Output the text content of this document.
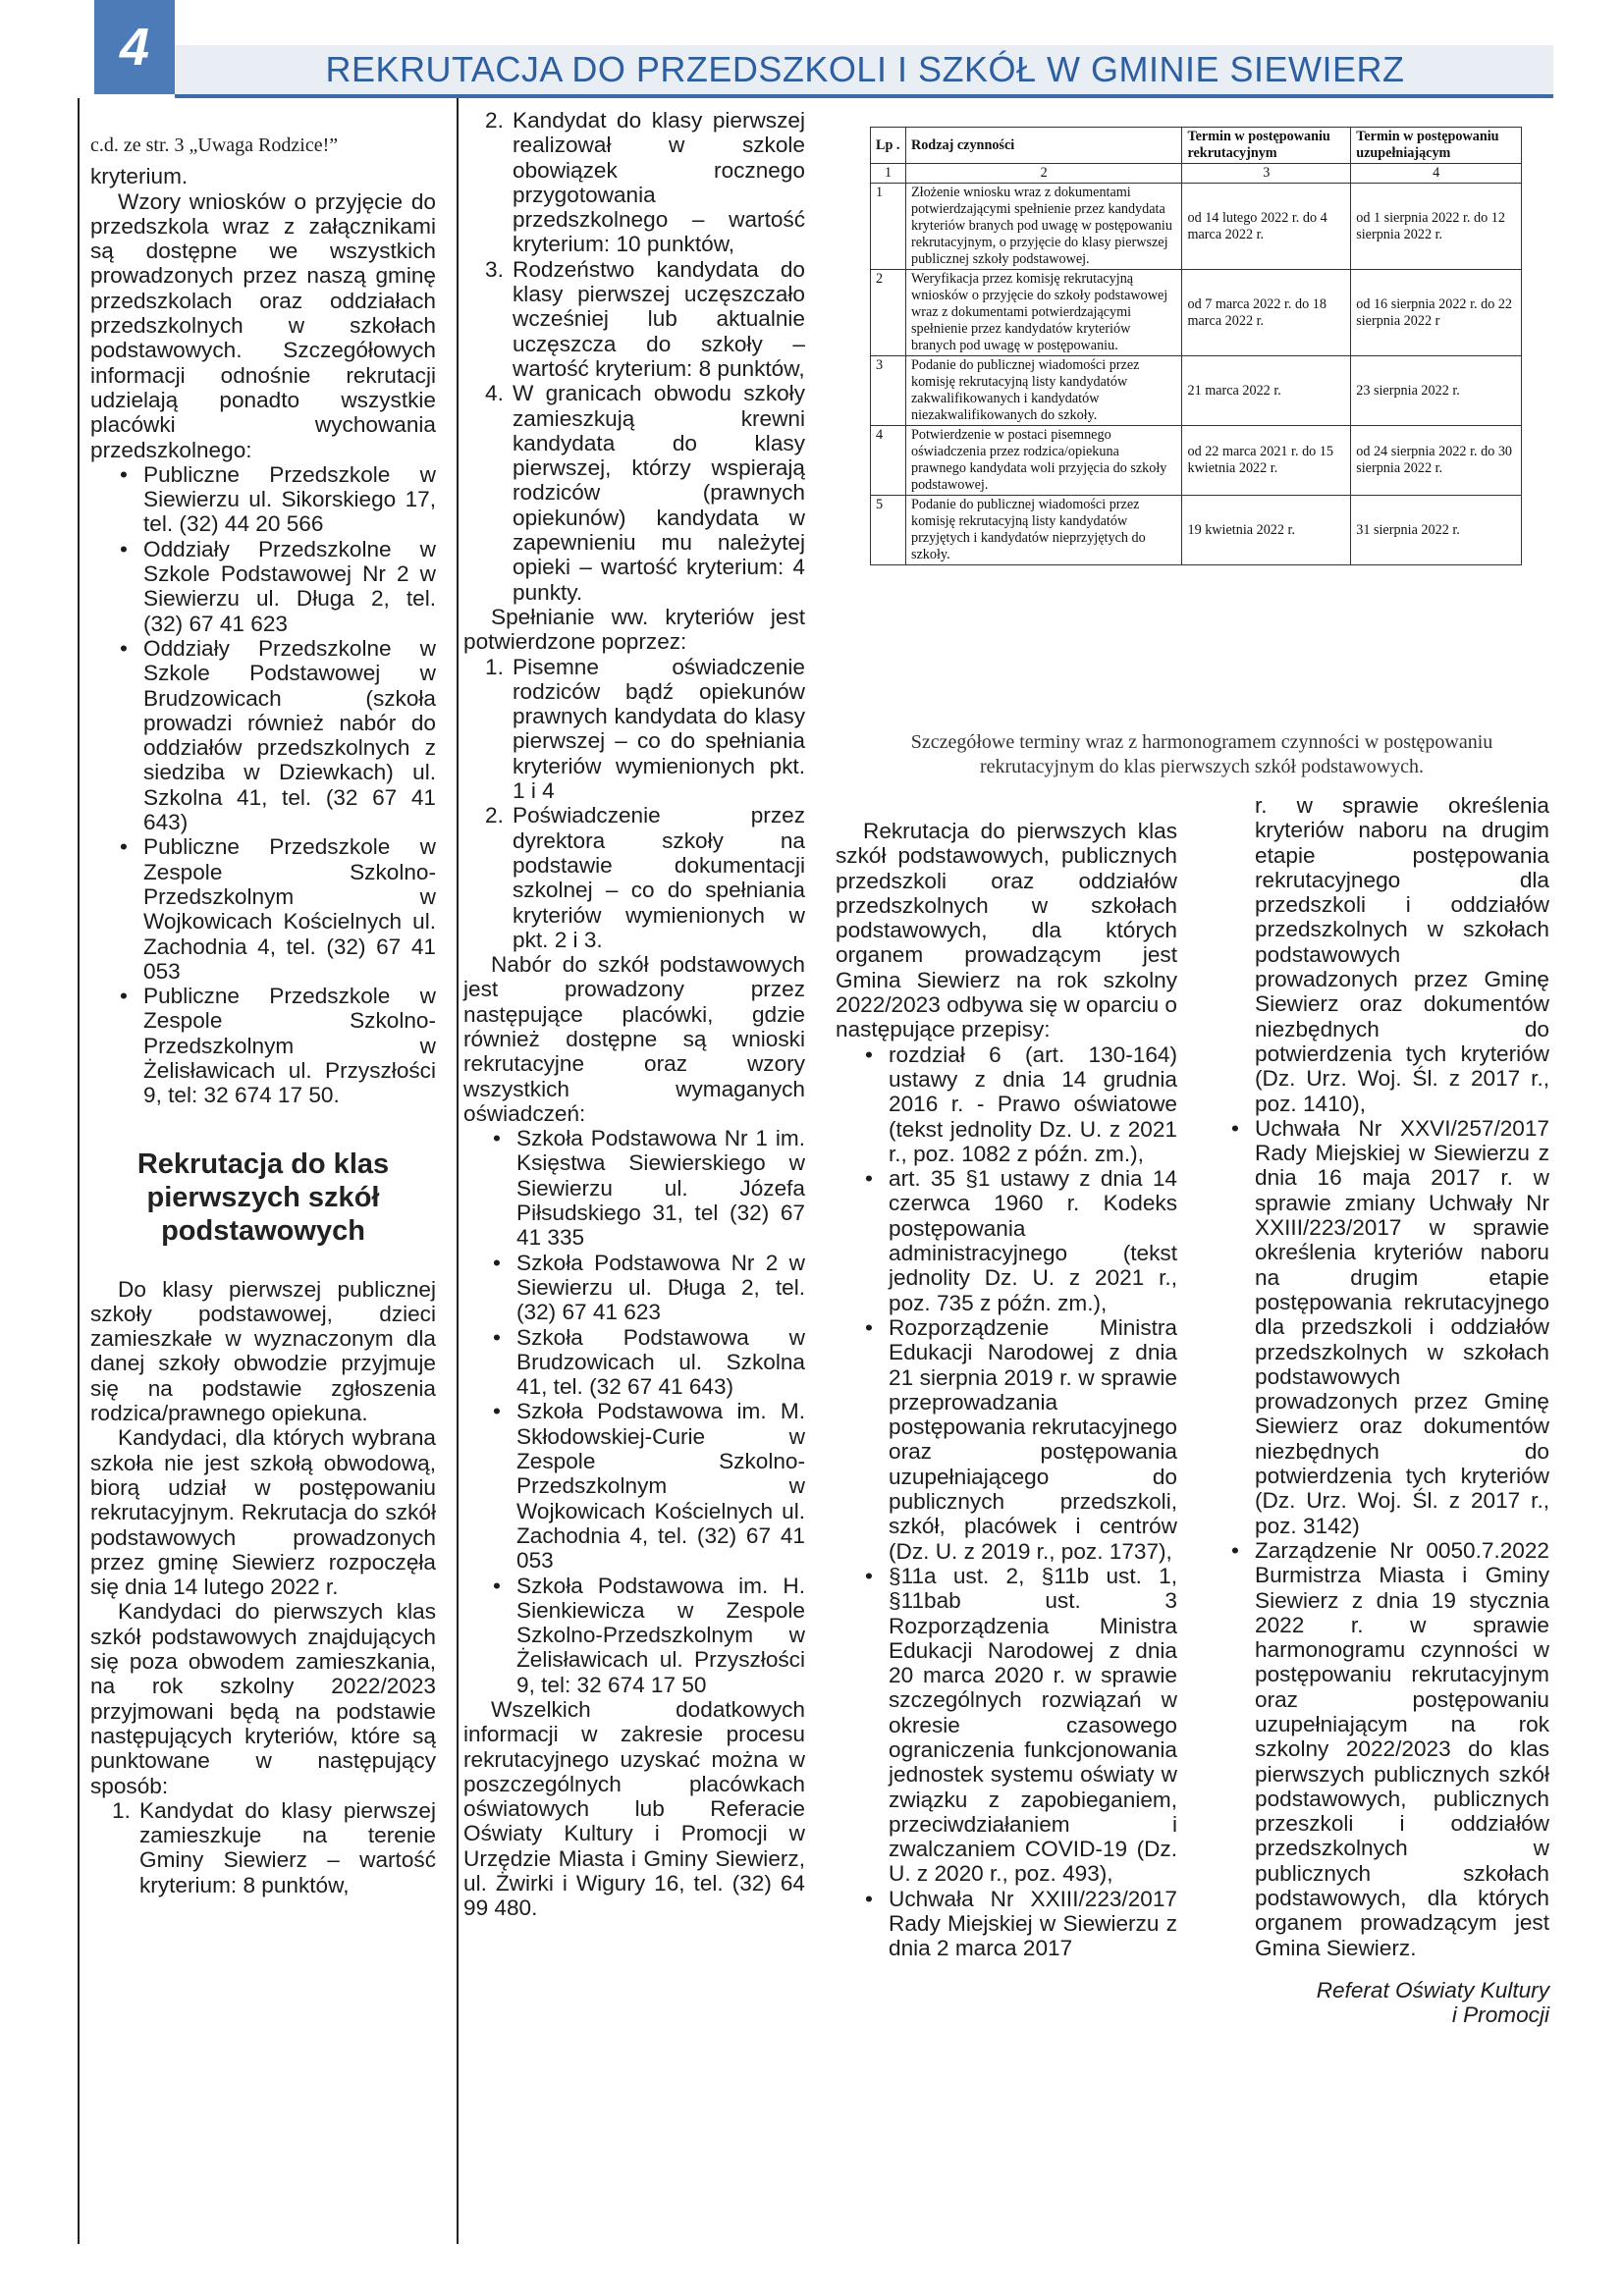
4	REKRUTACJA DO PRZEDSZKOLI I SZKÓŁ W GMINIE SIEWIERZ
c.d. ze str. 3 „Uwaga Rodzice!”

kryterium.

Wzory wniosków o przyjęcie do przedszkola wraz z załącznikami są dostępne we wszystkich prowadzonych przez naszą gminę przedszkolach oraz oddziałach przedszkolnych w szkołach podstawowych. Szczegółowych informacji odnośnie rekrutacji udzielają ponadto wszystkie placówki wychowania przedszkolnego:

• Publiczne Przedszkole w Siewierzu ul. Sikorskiego 17, tel. (32) 44 20 566
• Oddziały Przedszkolne w Szkole Podstawowej Nr 2 w Siewierzu ul. Długa 2, tel. (32) 67 41 623
• Oddziały Przedszkolne w Szkole Podstawowej w Brudzowicach (szkoła prowadzi również nabór do oddziałów przedszkolnych z siedziba w Dziewkach) ul. Szkolna 41, tel. (32 67 41 643)
• Publiczne Przedszkole w Zespole Szkolno-Przedszkolnym w Wojkowicach Kościelnych ul. Zachodnia 4, tel. (32) 67 41 053
• Publiczne Przedszkole w Zespole Szkolno-Przedszkolnym w Żelisławicach ul. Przyszłości 9, tel: 32 674 17 50.
Rekrutacja do klas pierwszych szkół podstawowych

Do klasy pierwszej publicznej szkoły podstawowej, dzieci zamieszkałe w wyznaczonym dla danej szkoły obwodzie przyjmuje się na podstawie zgłoszenia rodzica/prawnego opiekuna.

Kandydaci, dla których wybrana szkoła nie jest szkołą obwodową, biorą udział w postępowaniu rekrutacyjnym. Rekrutacja do szkół podstawowych prowadzonych przez gminę Siewierz rozpoczęła się dnia 14 lutego 2022 r.

Kandydaci do pierwszych klas szkół podstawowych znajdujących się poza obwodem zamieszkania, na rok szkolny 2022/2023 przyjmowani będą na podstawie następujących kryteriów, które są punktowane w następujący sposób:

1. Kandydat do klasy pierwszej zamieszkuje na terenie Gminy Siewierz – wartość kryterium: 8 punktów,
2. Kandydat do klasy pierwszej realizował w szkole obowiązek rocznego przygotowania przedszkolnego – wartość kryterium: 10 punktów,
3. Rodzeństwo kandydata do klasy pierwszej uczęszczało wcześniej lub aktualnie uczęszcza do szkoły – wartość kryterium: 8 punktów,
4. W granicach obwodu szkoły zamieszkują krewni kandydata do klasy pierwszej, którzy wspierają rodziców (prawnych opiekunów) kandydata w zapewnieniu mu należytej opieki – wartość kryterium: 4 punkty.

Spełnianie ww. kryteriów jest potwierdzone poprzez:

1. Pisemne oświadczenie rodziców bądź opiekunów prawnych kandydata do klasy pierwszej – co do spełniania kryteriów wymienionych pkt. 1 i 4
2. Poświadczenie przez dyrektora szkoły na podstawie dokumentacji szkolnej – co do spełniania kryteriów wymienionych w pkt. 2 i 3.

Nabór do szkół podstawowych jest prowadzony przez następujące placówki, gdzie również dostępne są wnioski rekrutacyjne oraz wzory wszystkich wymaganych oświadczeń:

• Szkoła Podstawowa Nr 1 im. Księstwa Siewierskiego w Siewierzu ul. Józefa Piłsudskiego 31, tel (32) 67 41 335
• Szkoła Podstawowa Nr 2 w Siewierzu ul. Długa 2, tel. (32) 67 41 623
• Szkoła Podstawowa w Brudzowicach ul. Szkolna 41, tel. (32 67 41 643)
• Szkoła Podstawowa im. M. Skłodowskiej-Curie w Zespole Szkolno-Przedszkolnym w Wojkowicach Kościelnych ul. Zachodnia 4, tel. (32) 67 41 053
• Szkoła Podstawowa im. H. Sienkiewicza w Zespole Szkolno-Przedszkolnym w Żelisławicach ul. Przyszłości 9, tel: 32 674 17 50

Wszelkich dodatkowych informacji w zakresie procesu rekrutacyjnego uzyskać można w poszczególnych placówkach oświatowych lub Referacie Oświaty Kultury i Promocji w Urzędzie Miasta i Gminy Siewierz, ul. Żwirki i Wigury 16, tel. (32) 64 99 480.

Lp .	Rodzaj czynności	Termin w postępowaniu rekrutacyjnym	Termin w postępowaniu uzupełniającym
1	2	3	4
1	Złożenie wniosku wraz z dokumentami potwierdzającymi spełnienie przez kandydata kryteriów branych pod uwagę w postępowaniu rekrutacyjnym, o przyjęcie do klasy pierwszej publicznej szkoły podstawowej.	od 14 lutego 2022 r. do 4 marca 2022 r.	od 1 sierpnia 2022 r. do 12 sierpnia 2022 r.
2	Weryfikacja przez komisję rekrutacyjną wniosków o przyjęcie do szkoły podstawowej wraz z dokumentami potwierdzającymi spełnienie przez kandydatów kryteriów branych pod uwagę w postępowaniu.	od 7 marca 2022 r. do 18 marca 2022 r.	od 16 sierpnia 2022 r. do 22 sierpnia 2022 r
3	Podanie do publicznej wiadomości przez komisję rekrutacyjną listy kandydatów zakwalifikowanych i kandydatów niezakwalifikowanych do szkoły.	21 marca 2022 r.	23 sierpnia 2022 r.
4	Potwierdzenie w postaci pisemnego oświadczenia przez rodzica/opiekuna prawnego kandydata woli przyjęcia do szkoły podstawowej.	od 22 marca 2021 r. do 15 kwietnia 2022 r.	od 24 sierpnia 2022 r. do 30 sierpnia 2022 r.
5	Podanie do publicznej wiadomości przez komisję rekrutacyjną listy kandydatów przyjętych i kandydatów nieprzyjętych do szkoły.	19 kwietnia 2022 r.	31 sierpnia 2022 r.
Szczegółowe terminy wraz z harmonogramem czynności w postępowaniu rekrutacyjnym do klas pierwszych szkół podstawowych.

Rekrutacja do pierwszych klas szkół podstawowych, publicznych przedszkoli oraz oddziałów przedszkolnych w szkołach podstawowych, dla których organem prowadzącym jest Gmina Siewierz na rok szkolny 2022/2023 odbywa się w oparciu o następujące przepisy:

• rozdział 6 (art. 130-164) ustawy z dnia 14 grudnia 2016 r. - Prawo oświatowe (tekst jednolity Dz. U. z 2021 r., poz. 1082 z późn. zm.),
• art. 35 §1 ustawy z dnia 14 czerwca 1960 r. Kodeks postępowania administracyjnego (tekst jednolity Dz. U. z 2021 r., poz. 735 z późn. zm.),
• Rozporządzenie Ministra Edukacji Narodowej z dnia 21 sierpnia 2019 r. w sprawie przeprowadzania postępowania rekrutacyjnego oraz postępowania uzupełniającego do publicznych przedszkoli, szkół, placówek i centrów (Dz. U. z 2019 r., poz. 1737),
• §11a ust. 2, §11b ust. 1, §11bab ust. 3 Rozporządzenia Ministra Edukacji Narodowej z dnia 20 marca 2020 r. w sprawie szczególnych rozwiązań w okresie czasowego ograniczenia funkcjonowania jednostek systemu oświaty w związku z zapobieganiem, przeciwdziałaniem i zwalczaniem COVID-19 (Dz. U. z 2020 r., poz. 493),
• Uchwała Nr XXIII/223/2017 Rady Miejskiej w Siewierzu z dnia 2 marca 2017

r. w sprawie określenia kryteriów naboru na drugim etapie postępowania rekrutacyjnego dla przedszkoli i oddziałów przedszkolnych w szkołach podstawowych prowadzonych przez Gminę Siewierz oraz dokumentów niezbędnych do potwierdzenia tych kryteriów (Dz. Urz. Woj. Śl. z 2017 r., poz. 1410),

• Uchwała Nr XXVI/257/2017 Rady Miejskiej w Siewierzu z dnia 16 maja 2017 r. w sprawie zmiany Uchwały Nr XXIII/223/2017 w sprawie określenia kryteriów naboru na drugim etapie postępowania rekrutacyjnego dla przedszkoli i oddziałów przedszkolnych w szkołach podstawowych prowadzonych przez Gminę Siewierz oraz dokumentów niezbędnych do potwierdzenia tych kryteriów (Dz. Urz. Woj. Śl. z 2017 r., poz. 3142)
• Zarządzenie Nr 0050.7.2022 Burmistrza Miasta i Gminy Siewierz z dnia 19 stycznia 2022 r. w sprawie harmonogramu czynności w postępowaniu rekrutacyjnym oraz postępowaniu uzupełniającym na rok szkolny 2022/2023 do klas pierwszych publicznych szkół podstawowych, publicznych przeszkoli i oddziałów przedszkolnych w publicznych szkołach podstawowych, dla których organem prowadzącym jest Gmina Siewierz.
Referat Oświaty Kultury
i Promocji
